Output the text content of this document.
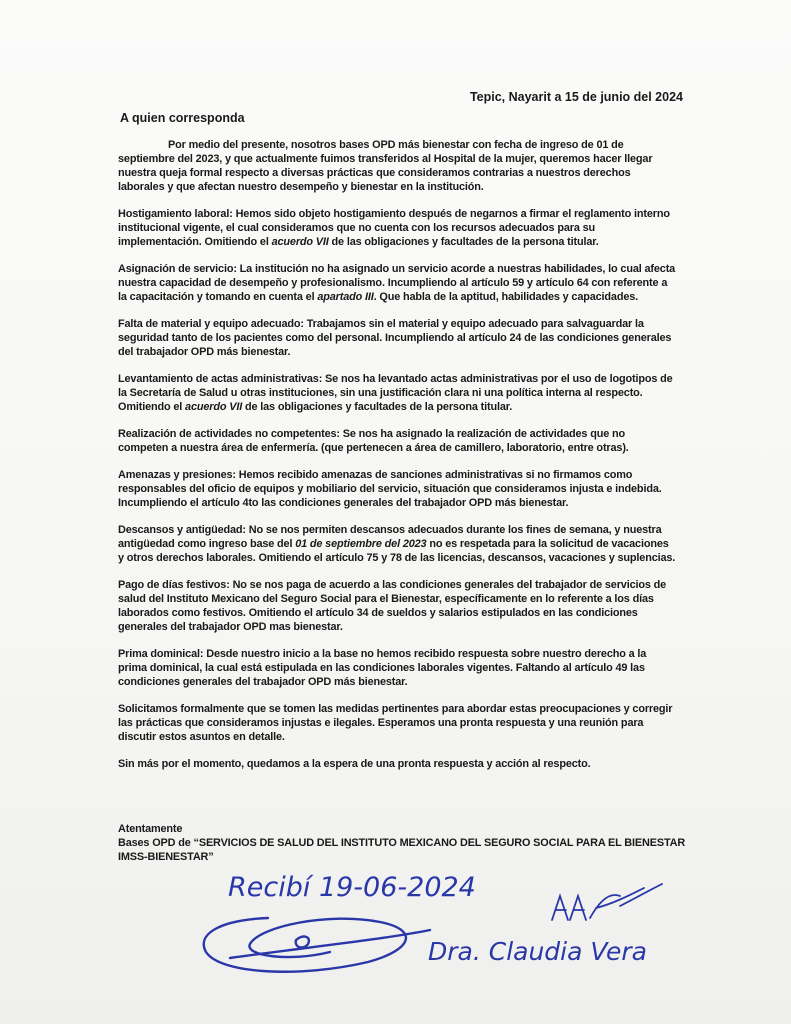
Tepic, Nayarit a 15 de junio del 2024
A quien corresponda

Por medio del presente, nosotros bases OPD más bienestar con fecha de ingreso de 01 de septiembre del 2023, y que actualmente fuimos transferidos al Hospital de la mujer, queremos hacer llegar nuestra queja formal respecto a diversas prácticas que consideramos contrarias a nuestros derechos laborales y que afectan nuestro desempeño y bienestar en la institución.

Hostigamiento laboral: Hemos sido objeto hostigamiento después de negarnos a firmar el reglamento interno institucional vigente, el cual consideramos que no cuenta con los recursos adecuados para su implementación. Omitiendo el acuerdo VII de las obligaciones y facultades de la persona titular.

Asignación de servicio: La institución no ha asignado un servicio acorde a nuestras habilidades, lo cual afecta nuestra capacidad de desempeño y profesionalismo. Incumpliendo al artículo 59 y artículo 64 con referente a la capacitación y tomando en cuenta el apartado III. Que habla de la aptitud, habilidades y capacidades.

Falta de material y equipo adecuado: Trabajamos sin el material y equipo adecuado para salvaguardar la seguridad tanto de los pacientes como del personal. Incumpliendo al artículo 24 de las condiciones generales del trabajador OPD más bienestar.

Levantamiento de actas administrativas: Se nos ha levantado actas administrativas por el uso de logotipos de la Secretaría de Salud u otras instituciones, sin una justificación clara ni una política interna al respecto. Omitiendo el acuerdo VII de las obligaciones y facultades de la persona titular.

Realización de actividades no competentes: Se nos ha asignado la realización de actividades que no competen a nuestra área de enfermería. (que pertenecen a área de camillero, laboratorio, entre otras).

Amenazas y presiones: Hemos recibido amenazas de sanciones administrativas si no firmamos como responsables del oficio de equipos y mobiliario del servicio, situación que consideramos injusta e indebida. Incumpliendo el artículo 4to las condiciones generales del trabajador OPD más bienestar.

Descansos y antigüedad: No se nos permiten descansos adecuados durante los fines de semana, y nuestra antigüedad como ingreso base del 01 de septiembre del 2023 no es respetada para la solicitud de vacaciones y otros derechos laborales. Omitiendo el artículo 75 y 78 de las licencias, descansos, vacaciones y suplencias.

Pago de días festivos: No se nos paga de acuerdo a las condiciones generales del trabajador de servicios de salud del Instituto Mexicano del Seguro Social para el Bienestar, específicamente en lo referente a los días laborados como festivos. Omitiendo el artículo 34 de sueldos y salarios estipulados en las condiciones generales del trabajador OPD mas bienestar.

Prima dominical: Desde nuestro inicio a la base no hemos recibido respuesta sobre nuestro derecho a la prima dominical, la cual está estipulada en las condiciones laborales vigentes. Faltando al artículo 49 las condiciones generales del trabajador OPD más bienestar.

Solicitamos formalmente que se tomen las medidas pertinentes para abordar estas preocupaciones y corregir las prácticas que consideramos injustas e ilegales. Esperamos una pronta respuesta y una reunión para discutir estos asuntos en detalle.

Sin más por el momento, quedamos a la espera de una pronta respuesta y acción al respecto.

Atentamente
Bases OPD de “SERVICIOS DE SALUD DEL INSTITUTO MEXICANO DEL SEGURO SOCIAL PARA EL BIENESTAR IMSS-BIENESTAR”
Recibí 19-06-2024
Dra. Claudia Vera
